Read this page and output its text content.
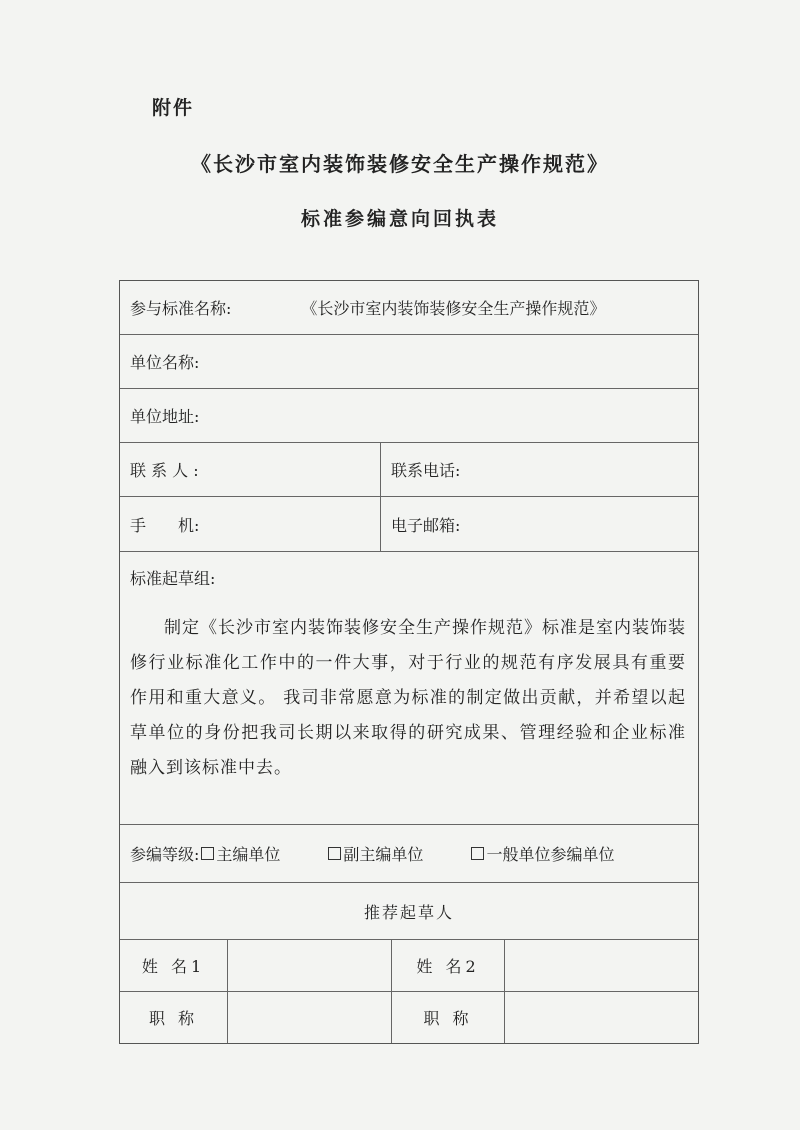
附件
《长沙市室内装饰装修安全生产操作规范》
标准参编意向回执表
参与标准名称:	《长沙市室内装饰装修安全生产操作规范》
单位名称:
单位地址:
联 系 人 :	联系电话:
手　　机:	电子邮箱:
标准起草组:
制定《长沙市室内装饰装修安全生产操作规范》标准是室内装饰装修行业标准化工作中的一件大事，对于行业的规范有序发展具有重要作用和重大意义。 我司非常愿意为标准的制定做出贡献，并希望以起草单位的身份把我司长期以来取得的研究成果、管理经验和企业标准融入到该标准中去。
参编等级: 主编单位	副主编单位	一般单位参编单位
推荐起草人
姓 名1	姓 名2
职 称	职 称
